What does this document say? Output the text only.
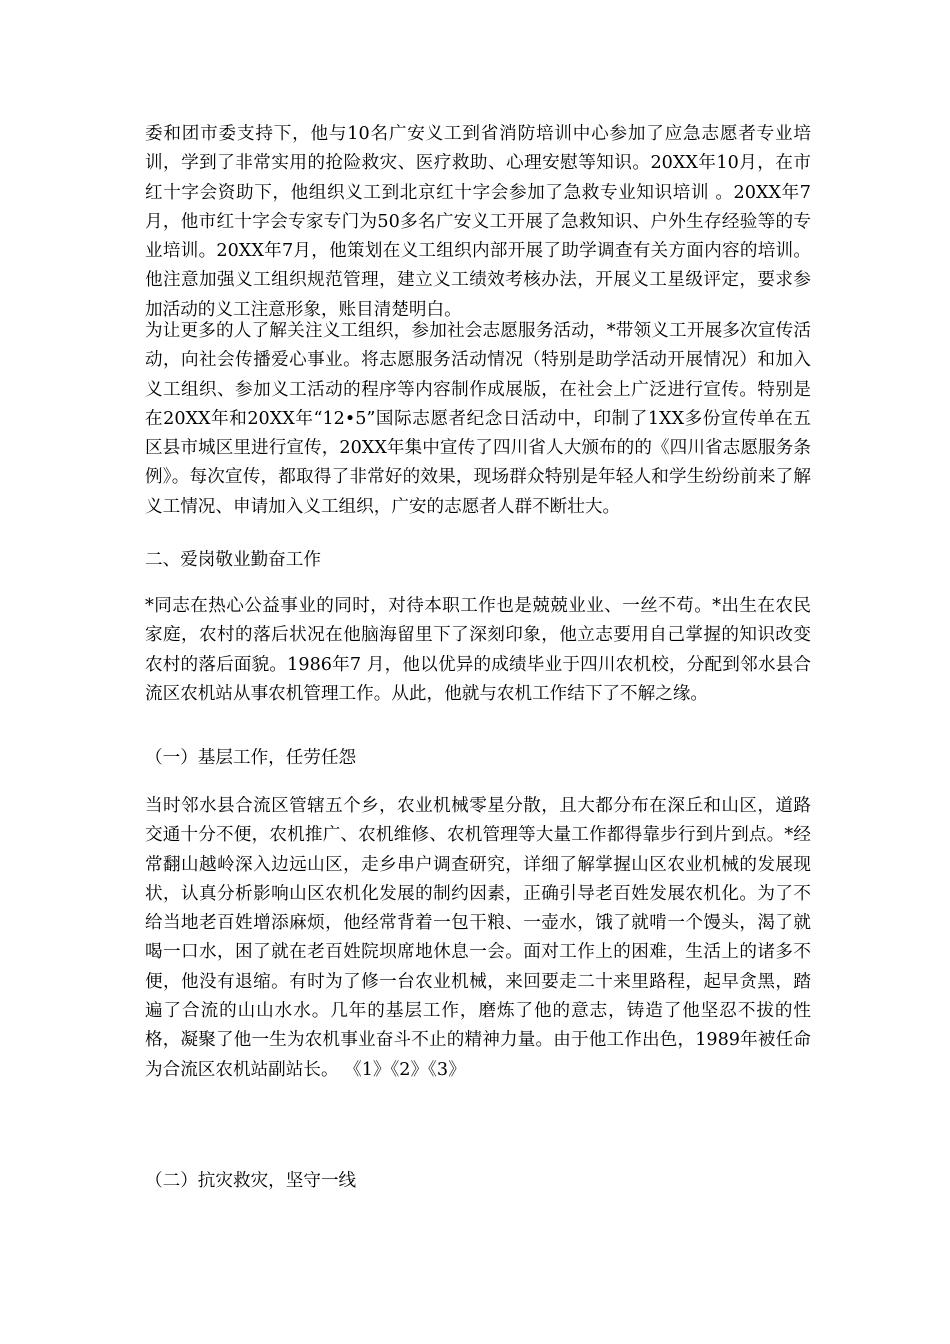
委和团市委支持下，他与10名广安义工到省消防培训中心参加了应急志愿者专业培训，学到了非常实用的抢险救灾、医疗救助、心理安慰等知识。20XX年10月，在市红十字会资助下，他组织义工到北京红十字会参加了急救专业知识培训 。20XX年7月，他市红十字会专家专门为50多名广安义工开展了急救知识、户外生存经验等的专业培训。20XX年7月，他策划在义工组织内部开展了助学调查有关方面内容的培训。他注意加强义工组织规范管理，建立义工绩效考核办法，开展义工星级评定，要求参加活动的义工注意形象，账目清楚明白。

为让更多的人了解关注义工组织，参加社会志愿服务活动，*带领义工开展多次宣传活动，向社会传播爱心事业。将志愿服务活动情况（特别是助学活动开展情况）和加入义工组织、参加义工活动的程序等内容制作成展版，在社会上广泛进行宣传。特别是在20XX年和20XX年“12•5”国际志愿者纪念日活动中，印制了1XX多份宣传单在五区县市城区里进行宣传，20XX年集中宣传了四川省人大颁布的的《四川省志愿服务条例》。每次宣传，都取得了非常好的效果，现场群众特别是年轻人和学生纷纷前来了解义工情况、申请加入义工组织，广安的志愿者人群不断壮大。

二、爱岗敬业勤奋工作

*同志在热心公益事业的同时，对待本职工作也是兢兢业业、一丝不苟。*出生在农民家庭，农村的落后状况在他脑海留里下了深刻印象，他立志要用自己掌握的知识改变农村的落后面貌。1986年7 月，他以优异的成绩毕业于四川农机校，分配到邻水县合流区农机站从事农机管理工作。从此，他就与农机工作结下了不解之缘。

（一）基层工作，任劳任怨

当时邻水县合流区管辖五个乡，农业机械零星分散，且大都分布在深丘和山区，道路交通十分不便，农机推广、农机维修、农机管理等大量工作都得靠步行到片到点。*经常翻山越岭深入边远山区，走乡串户调查研究，详细了解掌握山区农业机械的发展现状，认真分析影响山区农机化发展的制约因素，正确引导老百姓发展农机化。为了不给当地老百姓增添麻烦，他经常背着一包干粮、一壶水，饿了就啃一个馒头，渴了就喝一口水，困了就在老百姓院坝席地休息一会。面对工作上的困难，生活上的诸多不便，他没有退缩。有时为了修一台农业机械，来回要走二十来里路程，起早贪黑，踏遍了合流的山山水水。几年的基层工作，磨炼了他的意志，铸造了他坚忍不拔的性格，凝聚了他一生为农机事业奋斗不止的精神力量。由于他工作出色，1989年被任命为合流区农机站副站长。 《1》《2》《3》

（二）抗灾救灾，坚守一线
